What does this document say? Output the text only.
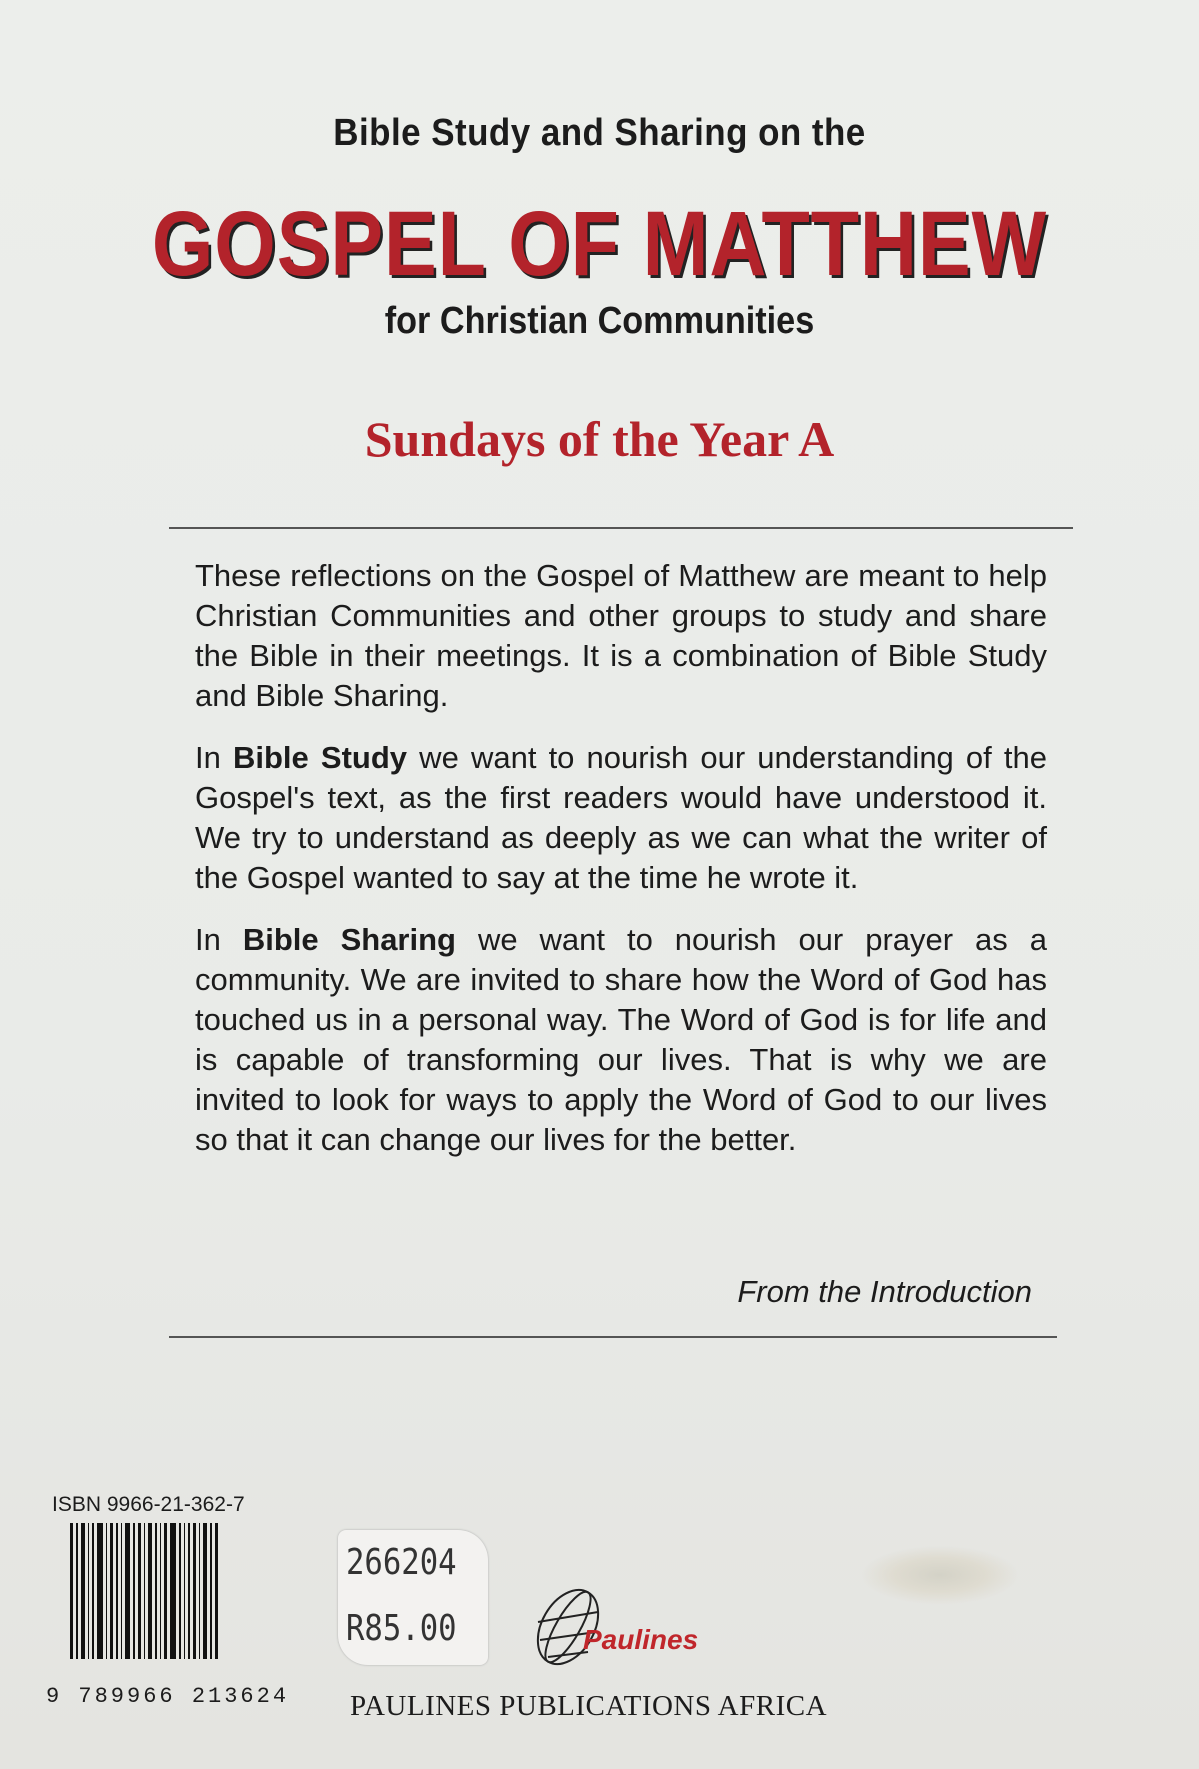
Bible Study and Sharing on the
GOSPEL OF MATTHEW
for Christian Communities
Sundays of the Year A

These reflections on the Gospel of Matthew are meant to help Christian Communities and other groups to study and share the Bible in their meetings. It is a combination of Bible Study and Bible Sharing.

In Bible Study we want to nourish our understanding of the Gospel's text, as the first readers would have understood it. We try to understand as deeply as we can what the writer of the Gospel wanted to say at the time he wrote it.

In Bible Sharing we want to nourish our prayer as a community. We are invited to share how the Word of God has touched us in a personal way. The Word of God is for life and is capable of transforming our lives. That is why we are invited to look for ways to apply the Word of God to our lives so that it can change our lives for the better.

From the Introduction
ISBN 9966-21-362-7
9 789966 213624
266204
R85.00	Paulines
PAULINES PUBLICATIONS AFRICA
